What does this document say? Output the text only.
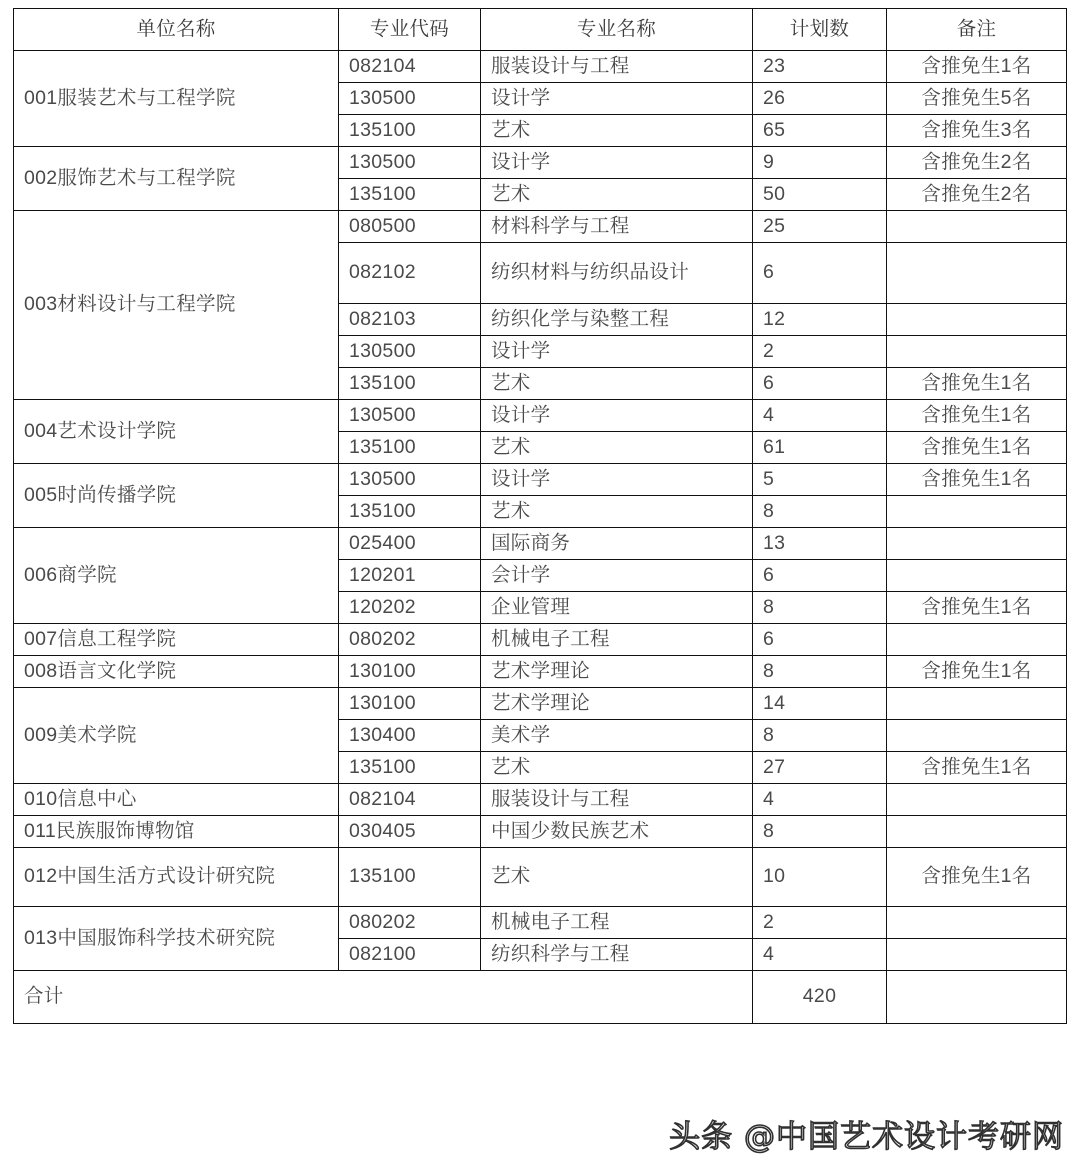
单位名称	专业代码	专业名称	计划数	备注
001服装艺术与工程学院	082104	服装设计与工程	23	含推免生1名
	130500	设计学	26	含推免生5名
	135100	艺术	65	含推免生3名
002服饰艺术与工程学院	130500	设计学	9	含推免生2名
	135100	艺术	50	含推免生2名
003材料设计与工程学院	080500	材料科学与工程	25	
	082102	纺织材料与纺织品设计	6	
	082103	纺织化学与染整工程	12	
	130500	设计学	2	
	135100	艺术	6	含推免生1名
004艺术设计学院	130500	设计学	4	含推免生1名
	135100	艺术	61	含推免生1名
005时尚传播学院	130500	设计学	5	含推免生1名
	135100	艺术	8	
006商学院	025400	国际商务	13	
	120201	会计学	6	
	120202	企业管理	8	含推免生1名
007信息工程学院	080202	机械电子工程	6	
008语言文化学院	130100	艺术学理论	8	含推免生1名
009美术学院	130100	艺术学理论	14	
	130400	美术学	8	
	135100	艺术	27	含推免生1名
010信息中心	082104	服装设计与工程	4	
011民族服饰博物馆	030405	中国少数民族艺术	8	
012中国生活方式设计研究院	135100	艺术	10	含推免生1名
013中国服饰科学技术研究院	080202	机械电子工程	2	
	082100	纺织科学与工程	4	
合计			420	
头条 @中国艺术设计考研网
